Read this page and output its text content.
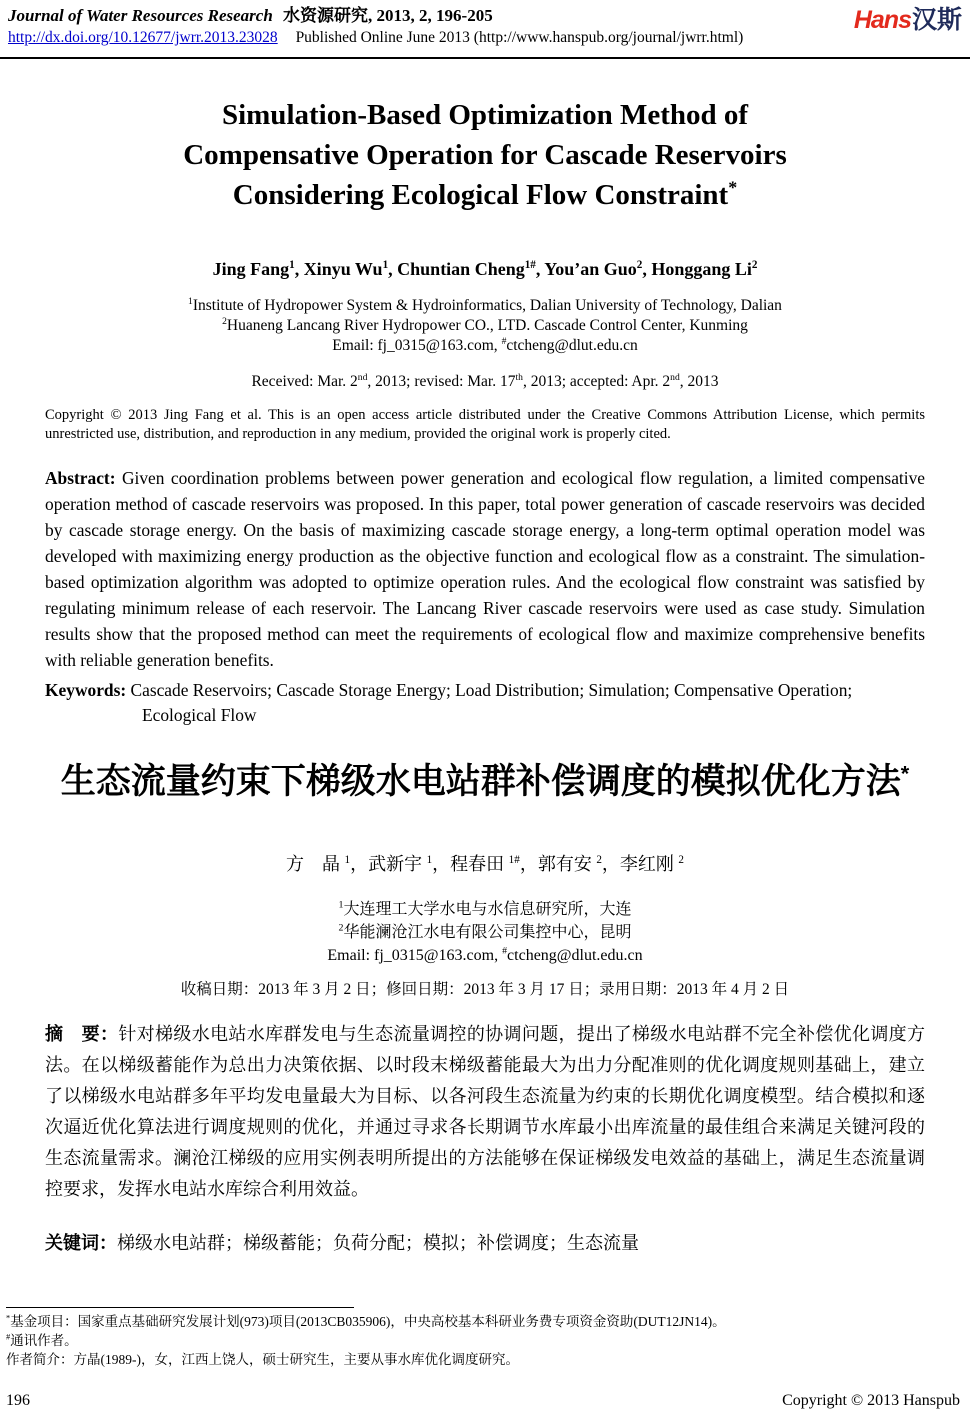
Journal of Water Resources Research 水资源研究, 2013, 2, 196-205
http://dx.doi.org/10.12677/jwrr.2013.23028 Published Online June 2013 (http://www.hanspub.org/journal/jwrr.html)
Hans汉斯
Simulation-Based Optimization Method of
Compensative Operation for Cascade Reservoirs
Considering Ecological Flow Constraint*
Jing Fang$^1$, Xinyu Wu$^1$, Chuntian Cheng$^{1\#}$, You’an Guo$^2$, Honggang Li$^2$
$^1$Institute of Hydropower System & Hydroinformatics, Dalian University of Technology, Dalian
$^2$Huaneng Lancang River Hydropower CO., LTD. Cascade Control Center, Kunming
Email: fj_0315@163.com, #ctcheng@dlut.edu.cn
Received: Mar. 2nd, 2013; revised: Mar. 17th, 2013; accepted: Apr. 2nd, 2013

Copyright © 2013 Jing Fang et al. This is an open access article distributed under the Creative Commons Attribution License, which permits unrestricted use, distribution, and reproduction in any medium, provided the original work is properly cited.

Abstract: Given coordination problems between power generation and ecological flow regulation, a limited compensative operation method of cascade reservoirs was proposed. In this paper, total power generation of cascade reservoirs was decided by cascade storage energy. On the basis of maximizing cascade storage energy, a long-term optimal operation model was developed with maximizing energy production as the objective function and ecological flow as a constraint. The simulation-based optimization algorithm was adopted to optimize operation rules. And the ecological flow constraint was satisfied by regulating minimum release of each reservoir. The Lancang River cascade reservoirs were used as case study. Simulation results show that the proposed method can meet the requirements of ecological flow and maximize comprehensive benefits with reliable generation benefits.

Keywords: Cascade Reservoirs; Cascade Storage Energy; Load Distribution; Simulation; Compensative Operation; Ecological Flow

生态流量约束下梯级水电站群补偿调度的模拟优化方法*
方　晶 $^1$，武新宇 $^1$，程春田 $^{1\#}$，郭有安 $^2$，李红刚 $^2$
$^1$大连理工大学水电与水信息研究所，大连
$^2$华能澜沧江水电有限公司集控中心，昆明
Email: fj_0315@163.com, #ctcheng@dlut.edu.cn
收稿日期：2013 年 3 月 2 日；修回日期：2013 年 3 月 17 日；录用日期：2013 年 4 月 2 日

摘　要：针对梯级水电站水库群发电与生态流量调控的协调问题，提出了梯级水电站群不完全补偿优化调度方法。在以梯级蓄能作为总出力决策依据、以时段末梯级蓄能最大为出力分配准则的优化调度规则基础上，建立了以梯级水电站群多年平均发电量最大为目标、以各河段生态流量为约束的长期优化调度模型。结合模拟和逐次逼近优化算法进行调度规则的优化，并通过寻求各长期调节水库最小出库流量的最佳组合来满足关键河段的生态流量需求。澜沧江梯级的应用实例表明所提出的方法能够在保证梯级发电效益的基础上，满足生态流量调控要求，发挥水电站水库综合利用效益。

关键词：梯级水电站群；梯级蓄能；负荷分配；模拟；补偿调度；生态流量

*基金项目：国家重点基础研究发展计划(973)项目(2013CB035906)，中央高校基本科研业务费专项资金资助(DUT12JN14)。
#通讯作者。
作者简介：方晶(1989-)，女，江西上饶人，硕士研究生，主要从事水库优化调度研究。
196	Copyright © 2013 Hanspub
